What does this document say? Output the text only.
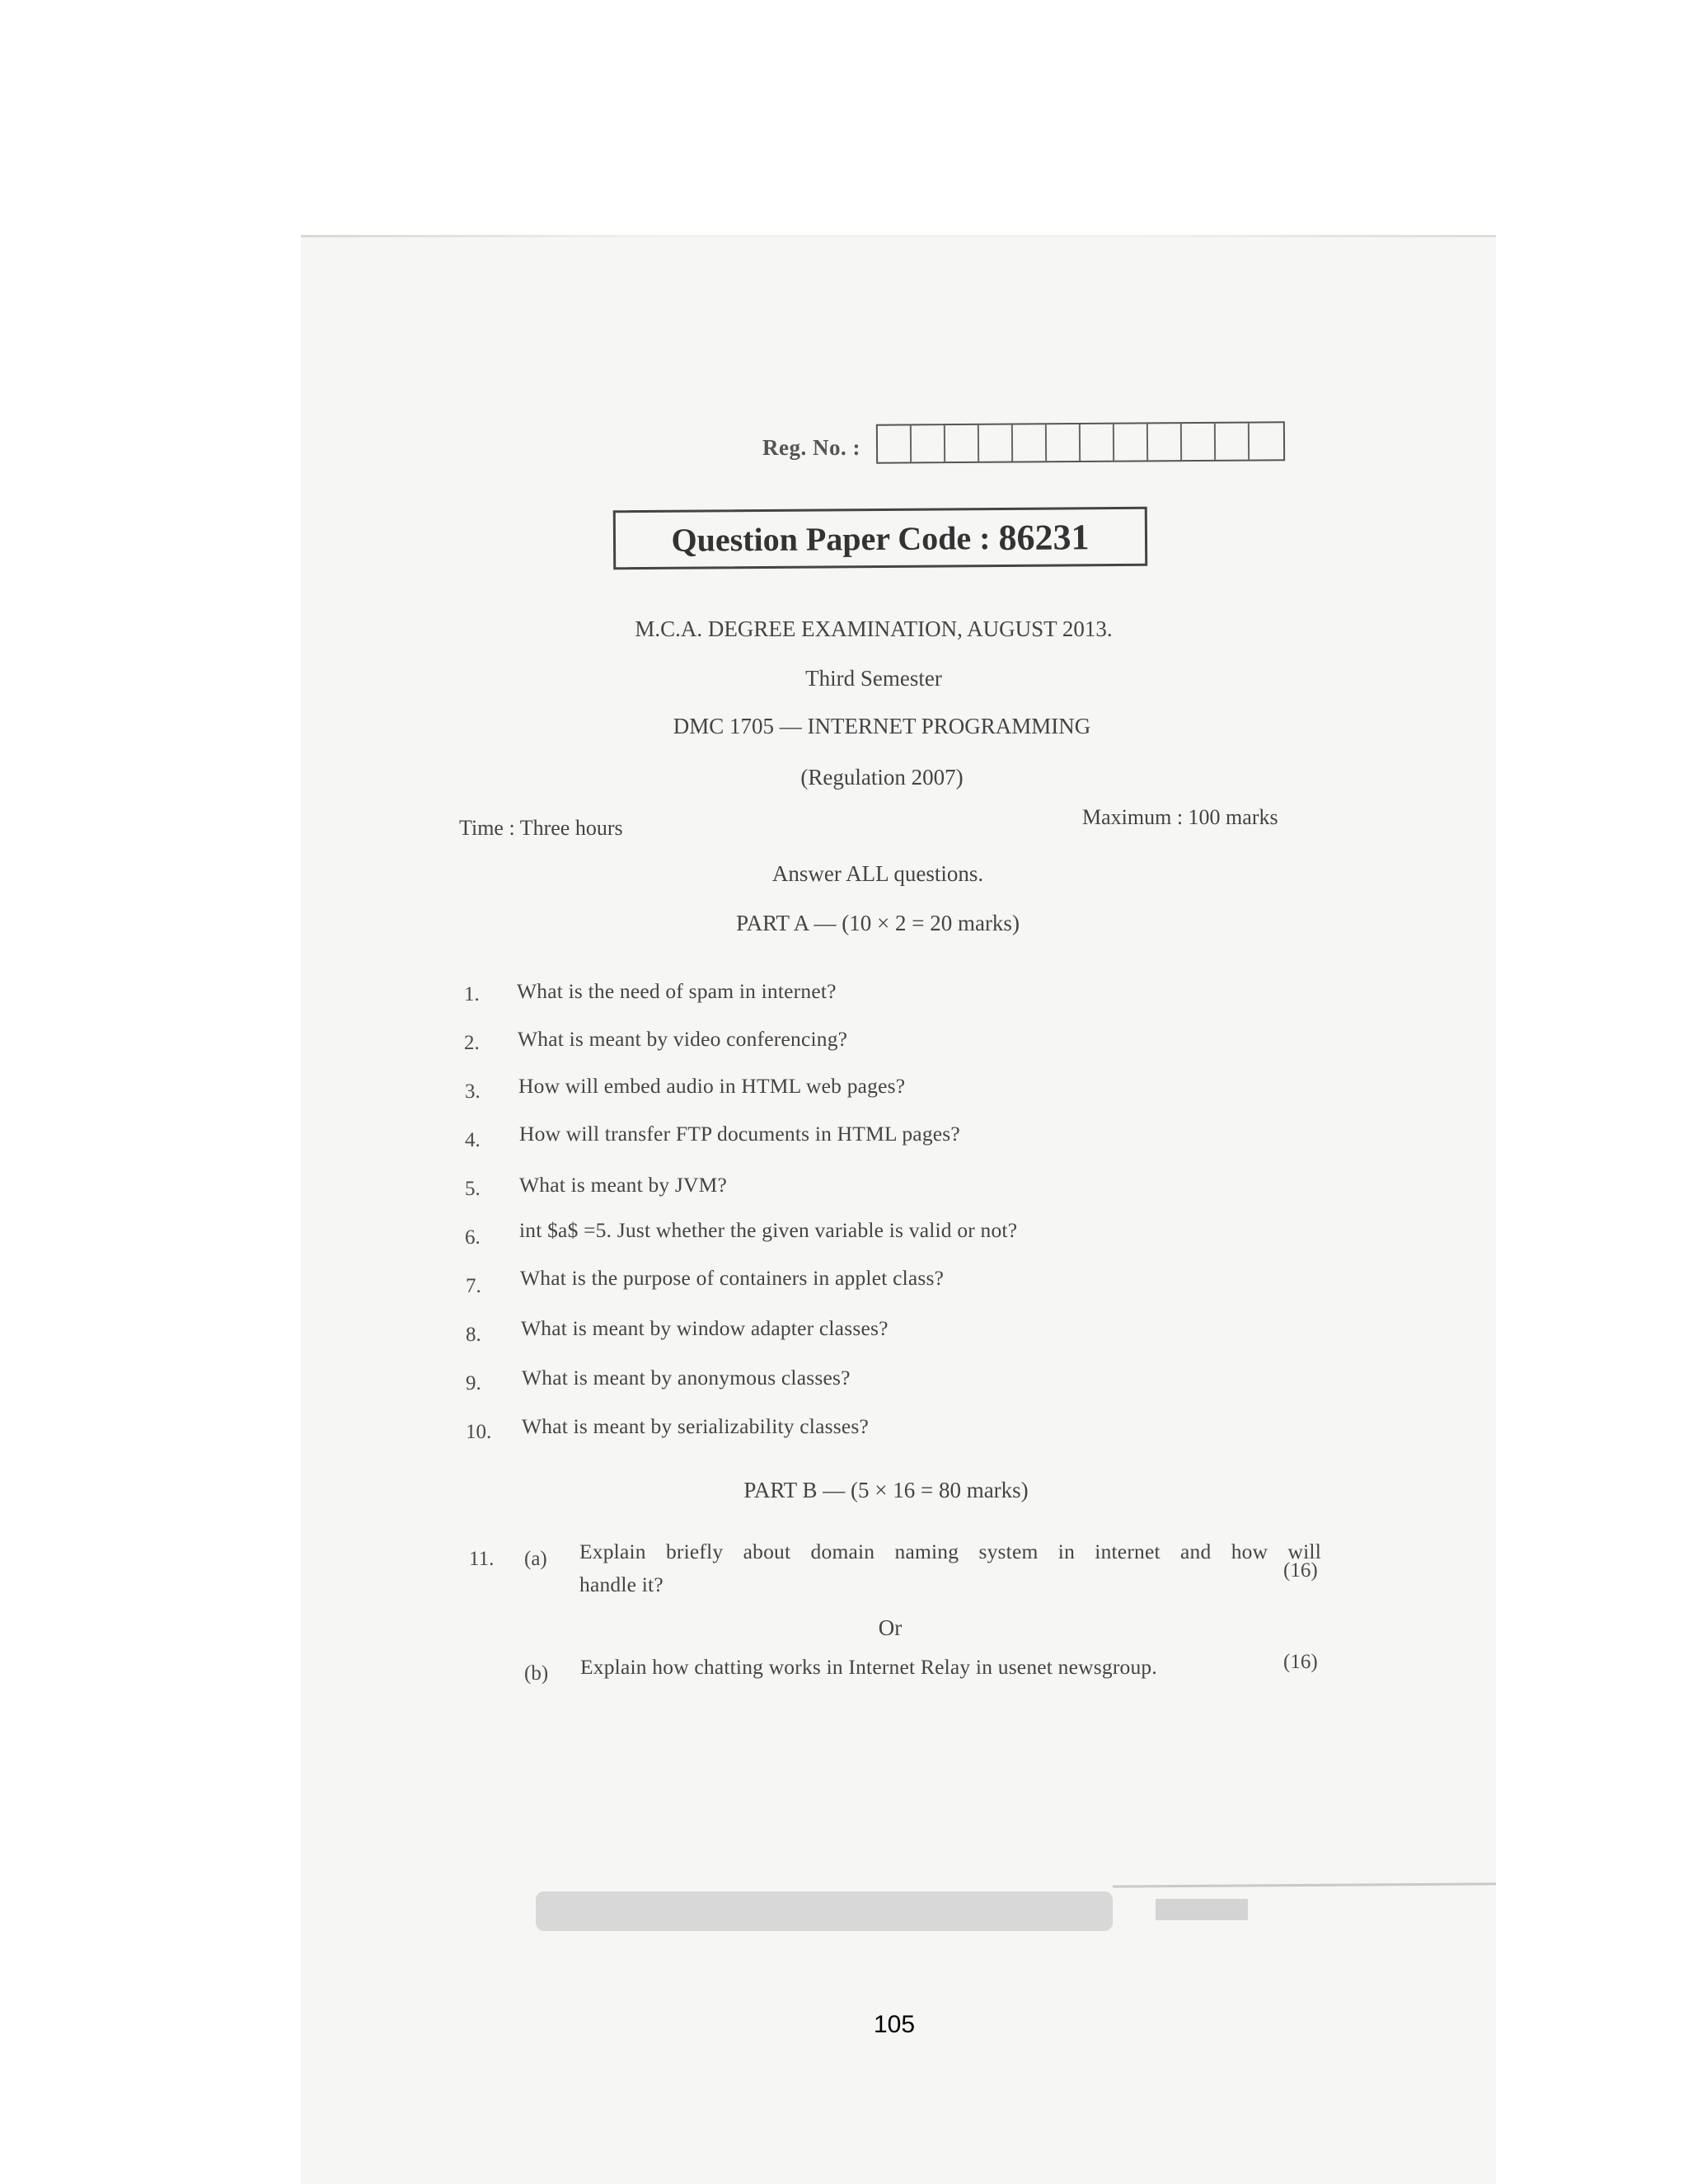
Reg. No. :
Question Paper Code : 86231
M.C.A. DEGREE EXAMINATION, AUGUST 2013.
Third Semester
DMC 1705 — INTERNET PROGRAMMING
(Regulation 2007)
Time : Three hours	Maximum : 100 marks
Answer ALL questions.
PART A — (10 × 2 = 20 marks)
1. What is the need of spam in internet?
2. What is meant by video conferencing?
3. How will embed audio in HTML web pages?
4. How will transfer FTP documents in HTML pages?
5. What is meant by JVM?
6. int $a$ =5. Just whether the given variable is valid or not?
7. What is the purpose of containers in applet class?
8. What is meant by window adapter classes?
9. What is meant by anonymous classes?
10. What is meant by serializability classes?
PART B — (5 × 16 = 80 marks)
11. (a) Explain briefly about domain naming system in internet and how will
handle it?
(16)
Or
(b) Explain how chatting works in Internet Relay in usenet newsgroup.	(16)
105
